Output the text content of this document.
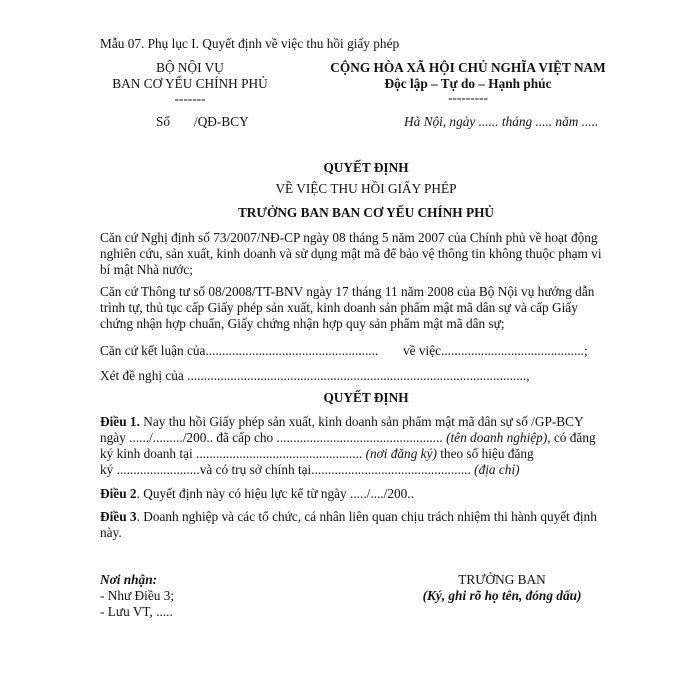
Mẫu 07. Phụ lục I. Quyết định về việc thu hồi giấy phép
BỘ NỘI VỤ
BAN CƠ YẾU CHÍNH PHỦ
-------
CỘNG HÒA XÃ HỘI CHỦ NGHĨA VIỆT NAM
Độc lập – Tự do – Hạnh phúc
---------
Số /QĐ-BCY	Hà Nội, ngày ...... tháng ..... năm .....
QUYẾT ĐỊNH
VỀ VIỆC THU HỒI GIẤY PHÉP
TRƯỞNG BAN BAN CƠ YẾU CHÍNH PHỦ
Căn cứ Nghị định số 73/2007/NĐ-CP ngày 08 tháng 5 năm 2007 của Chính phủ về hoạt động
nghiên cứu, sản xuất, kinh doanh và sử dụng mật mã để bảo vệ thông tin không thuộc phạm vi
bí mật Nhà nước;
Căn cứ Thông tư số 08/2008/TT-BNV ngày 17 tháng 11 năm 2008 của Bộ Nội vụ hướng dẫn
trình tự, thủ tục cấp Giấy phép sản xuất, kinh doanh sản phẩm mật mã dân sự và cấp Giấy
chứng nhận hợp chuẩn, Giấy chứng nhận hợp quy sản phẩm mật mã dân sự;
Căn cứ kết luận của.................................................... về việc...........................................;
Xét đề nghị của ......................................................................................................,
QUYẾT ĐỊNH
Điều 1. Nay thu hồi Giấy phép sản xuất, kinh doanh sản phẩm mật mã dân sự số /GP-BCY
ngày ....../........./200.. đã cấp cho .................................................. (tên doanh nghiệp), có đăng
ký kinh doanh tại .................................................. (nơi đăng ký) theo số hiệu đăng
ký .........................và có trụ sở chính tại................................................ (địa chỉ)
Điều 2. Quyết định này có hiệu lực kể từ ngày ...../..../200..
Điều 3. Doanh nghiệp và các tổ chức, cá nhân liên quan chịu trách nhiệm thi hành quyết định
này.
Nơi nhận:
- Như Điều 3;
- Lưu VT, .....
TRƯỞNG BAN
(Ký, ghi rõ họ tên, đóng dấu)
